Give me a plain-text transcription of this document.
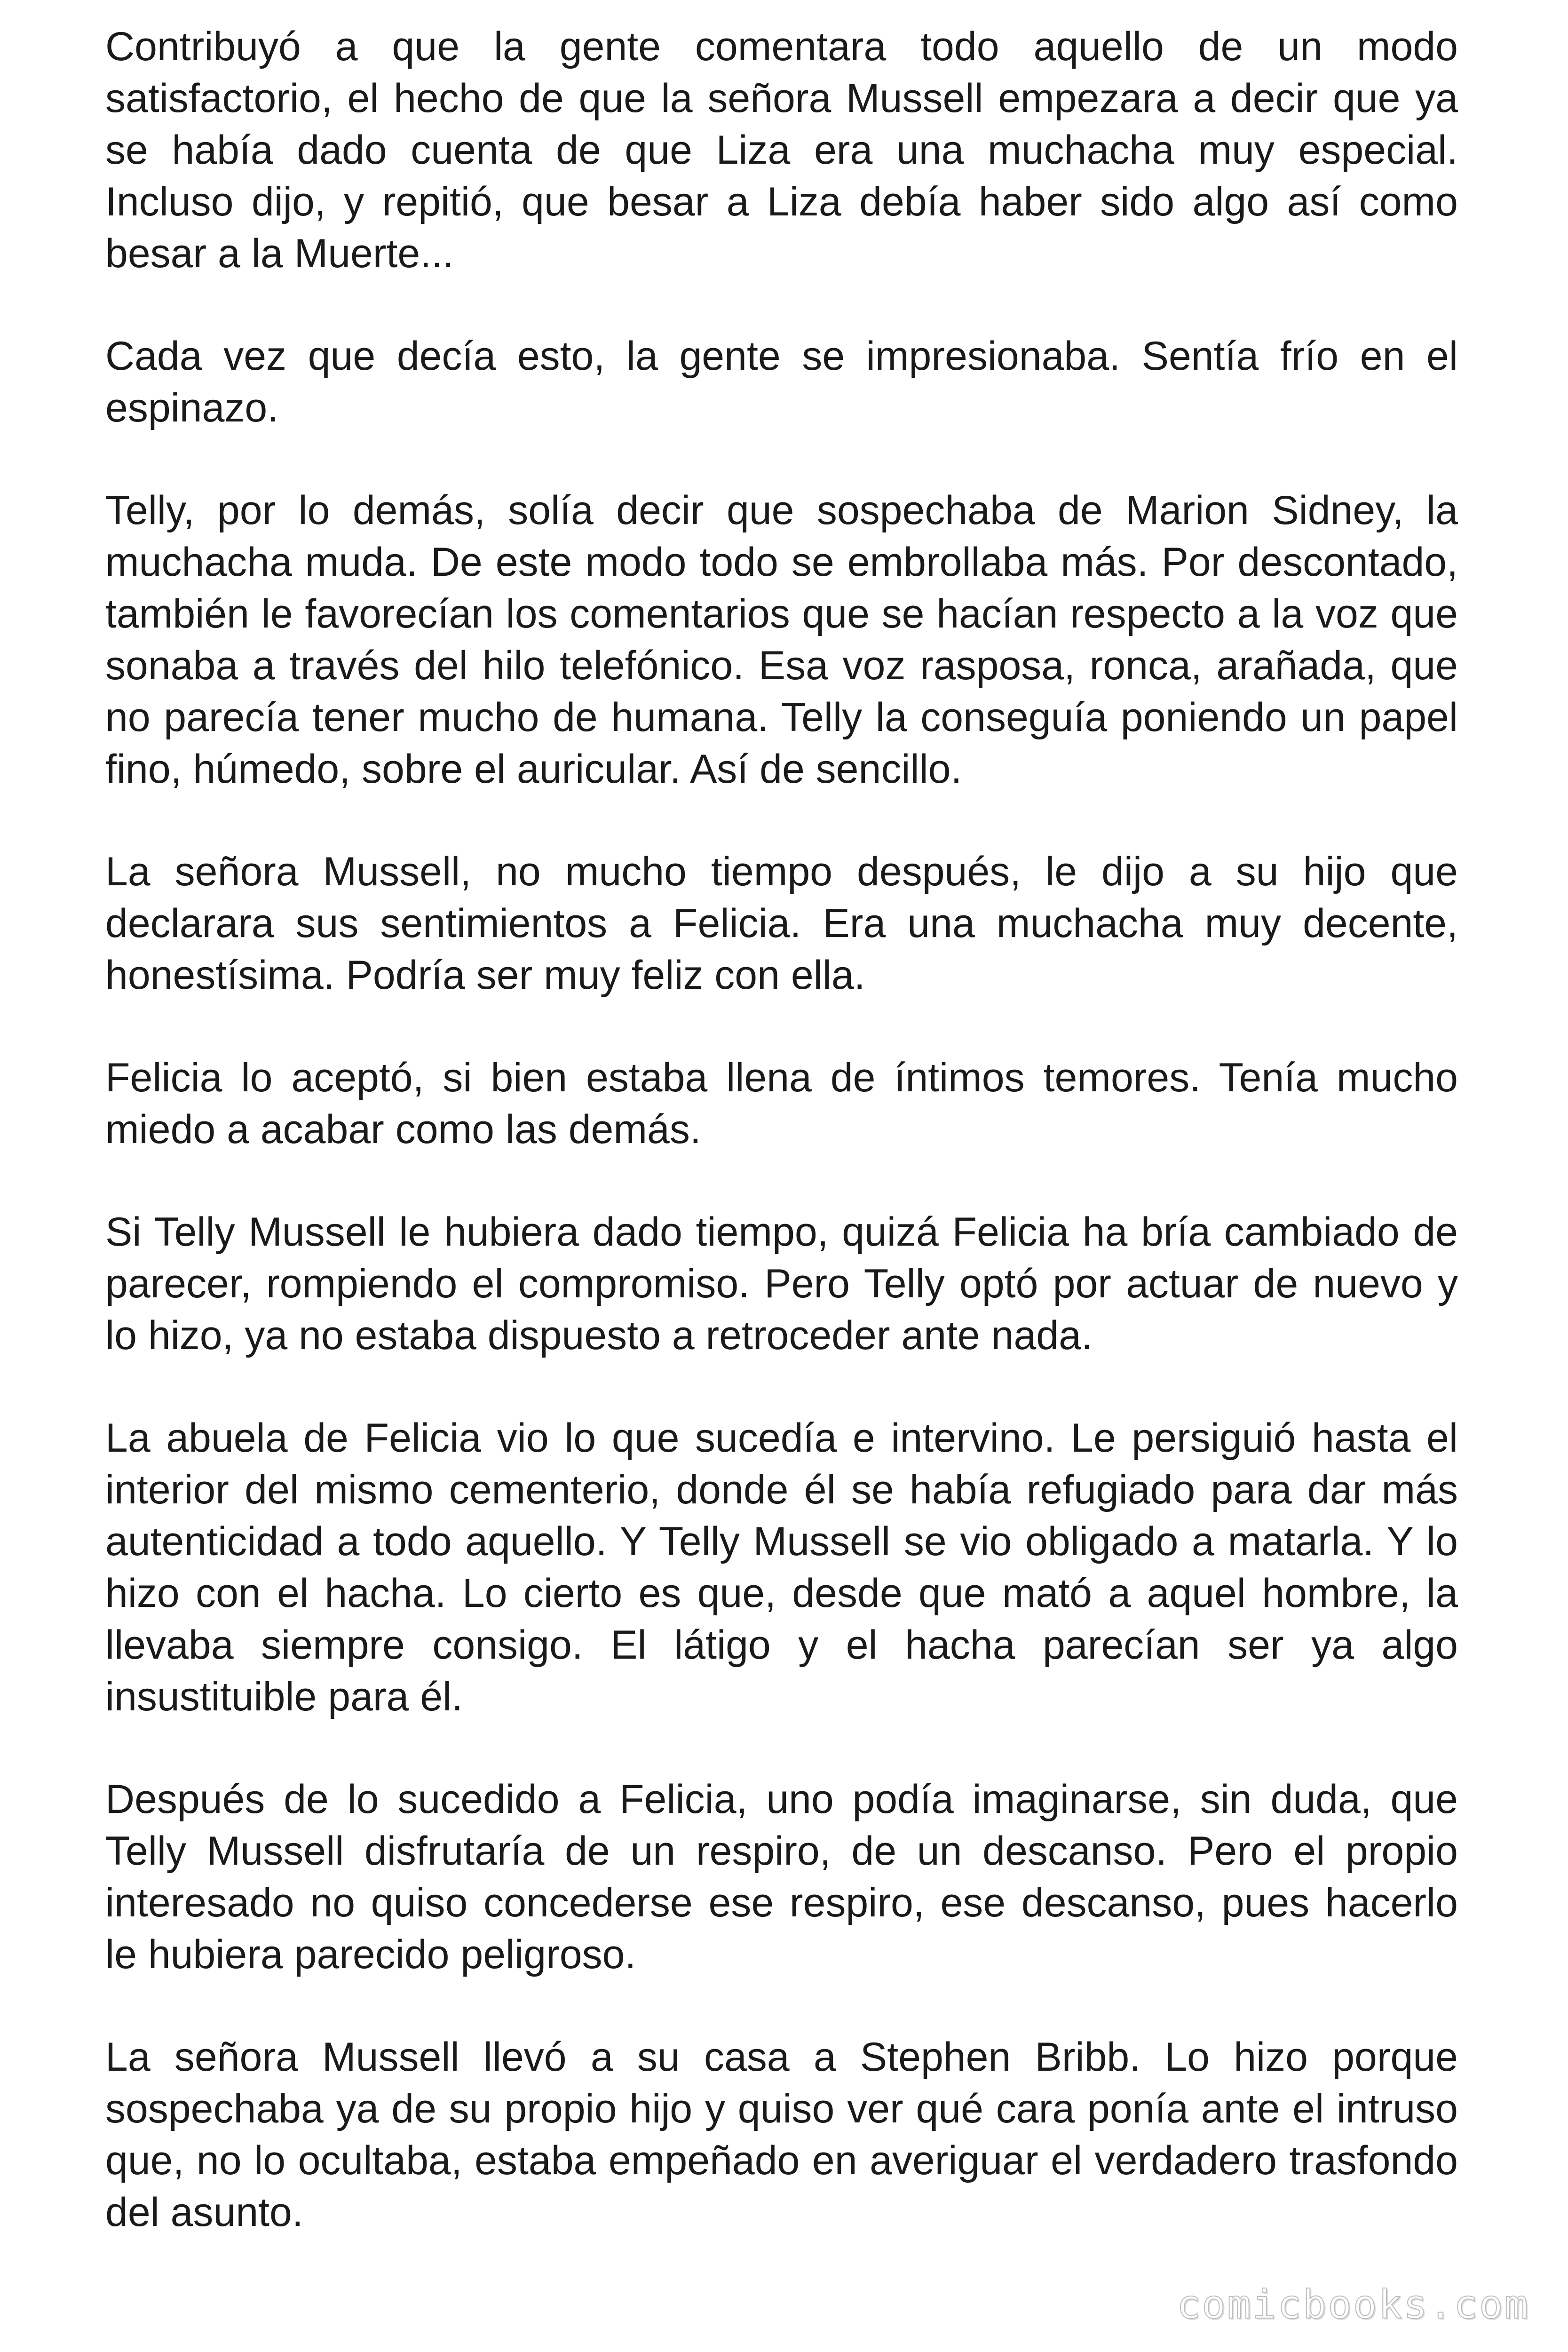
Contribuyó a que la gente comentara todo aquello de un modo satisfactorio, el hecho de que la señora Mussell empezara a decir que ya se había dado cuenta de que Liza era una muchacha muy especial. Incluso dijo, y repitió, que besar a Liza debía haber sido algo así como besar a la Muerte...

Cada vez que decía esto, la gente se impresionaba. Sentía frío en el espinazo.

Telly, por lo demás, solía decir que sospechaba de Marion Sidney, la muchacha muda. De este modo todo se embrollaba más. Por descontado, también le favorecían los comentarios que se hacían respecto a la voz que sonaba a través del hilo telefónico. Esa voz rasposa, ronca, arañada, que no parecía tener mucho de humana. Telly la conseguía poniendo un papel fino, húmedo, sobre el auricular. Así de sencillo.

La señora Mussell, no mucho tiempo después, le dijo a su hijo que declarara sus sentimientos a Felicia. Era una muchacha muy decente, honestísima. Podría ser muy feliz con ella.

Felicia lo aceptó, si bien estaba llena de íntimos temores. Tenía mucho miedo a acabar como las demás.

Si Telly Mussell le hubiera dado tiempo, quizá Felicia ha bría cambiado de parecer, rompiendo el compromiso. Pero Telly optó por actuar de nuevo y lo hizo, ya no estaba dispuesto a retroceder ante nada.

La abuela de Felicia vio lo que sucedía e intervino. Le persiguió hasta el interior del mismo cementerio, donde él se había refugiado para dar más autenticidad a todo aquello. Y Telly Mussell se vio obligado a matarla. Y lo hizo con el hacha. Lo cierto es que, desde que mató a aquel hombre, la llevaba siempre consigo. El látigo y el hacha parecían ser ya algo insustituible para él.

Después de lo sucedido a Felicia, uno podía imaginarse, sin duda, que Telly Mussell disfrutaría de un respiro, de un descanso. Pero el propio interesado no quiso concederse ese respiro, ese descanso, pues hacerlo le hubiera parecido peligroso.

La señora Mussell llevó a su casa a Stephen Bribb. Lo hizo porque sospechaba ya de su propio hijo y quiso ver qué cara ponía ante el intruso que, no lo ocultaba, estaba empeñado en averiguar el verdadero trasfondo del asunto.

comicbooks.com
